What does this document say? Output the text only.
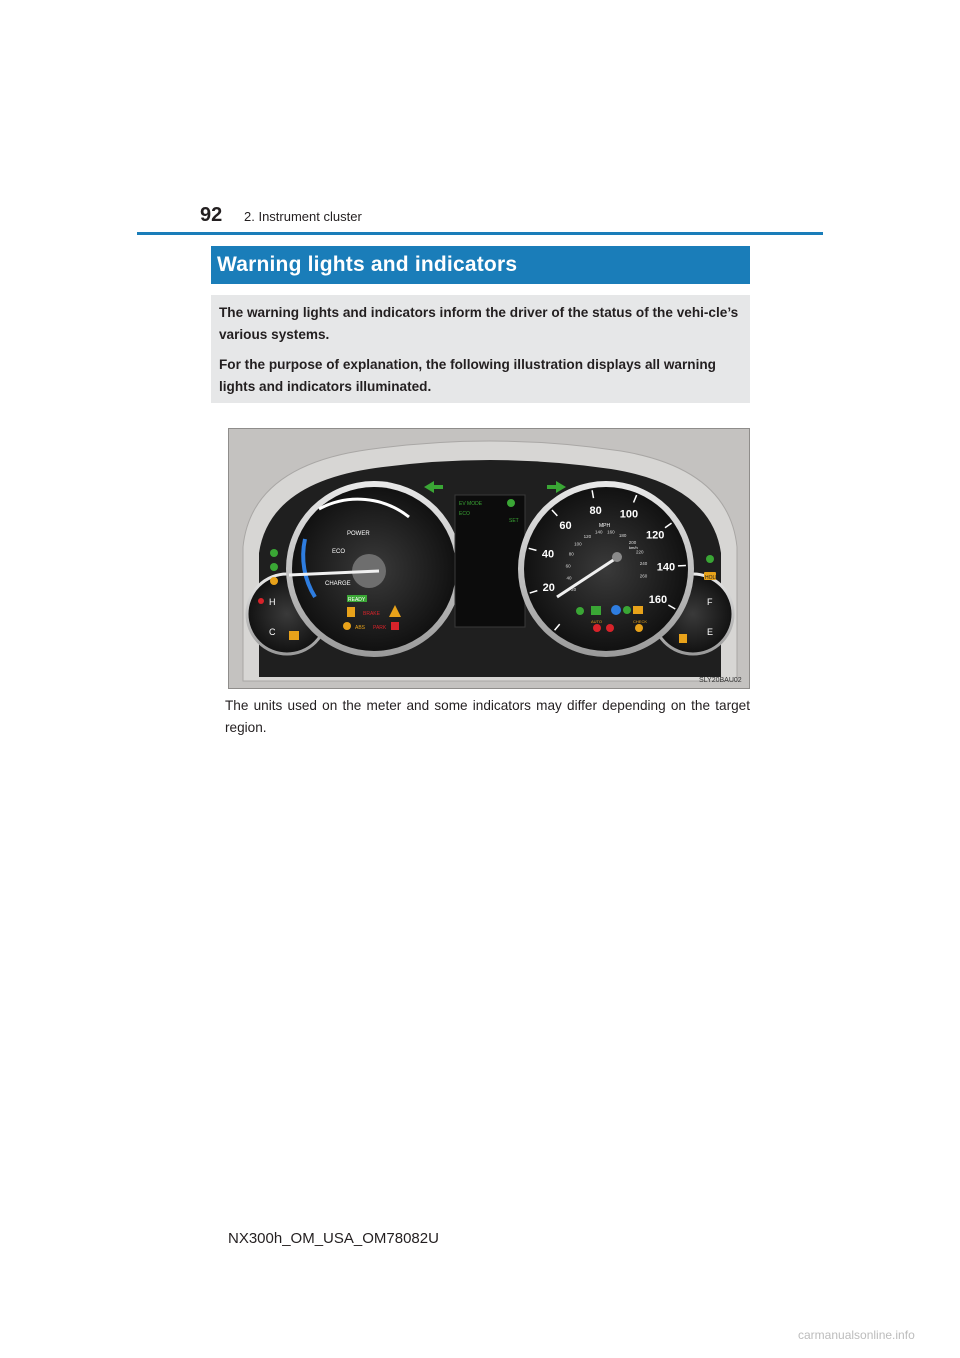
92 2. Instrument cluster
Warning lights and indicators

The warning lights and indicators inform the driver of the status of the vehi-cle’s various systems.

For the purpose of explanation, the following illustration displays all warning lights and indicators illuminated.

H
C
F
E
HOLD
POWER
ECO
CHARGE
READY
BRAKE
ABS PARK
EV MODE
ECO
SET
20
40
60
80 100
120
140
160
20
40
60
80
100
120
140 160
180
200
220
240
260
MPH
km/h
AUTO	CHECK
SLY20BAU02

The units used on the meter and some indicators may differ depending on the target region.

NX300h_OM_USA_OM78082U
carmanualsonline.info
